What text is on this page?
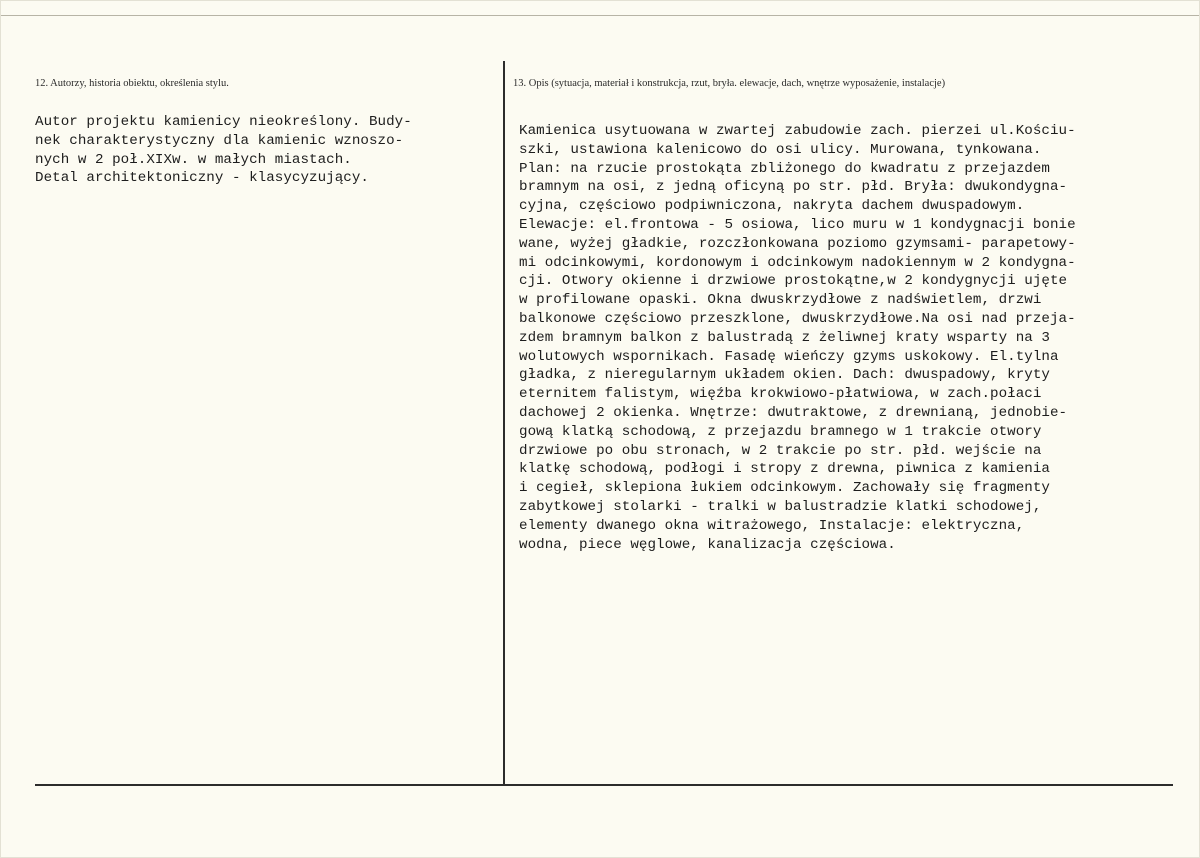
12. Autorzy, historia obiektu, określenia stylu.	13. Opis (sytuacja, materiał i konstrukcja, rzut, bryła. elewacje, dach, wnętrze wyposażenie, instalacje)
Autor projektu kamienicy nieokreślony. Budy-
nek charakterystyczny dla kamienic wznoszo-
nych w 2 poł.XIXw. w małych miastach.
Detal architektoniczny - klasycyzujący.
Kamienica usytuowana w zwartej zabudowie zach. pierzei ul.Kościu-
szki, ustawiona kalenicowo do osi ulicy. Murowana, tynkowana.
Plan: na rzucie prostokąta zbliżonego do kwadratu z przejazdem
bramnym na osi, z jedną oficyną po str. płd. Bryła: dwukondygna-
cyjna, częściowo podpiwniczona, nakryta dachem dwuspadowym.
Elewacje: el.frontowa - 5 osiowa, lico muru w 1 kondygnacji bonie
wane, wyżej gładkie, rozczłonkowana poziomo gzymsami- parapetowy-
mi odcinkowymi, kordonowym i odcinkowym nadokiennym w 2 kondygna-
cji. Otwory okienne i drzwiowe prostokątne,w 2 kondygnycji ujęte
w profilowane opaski. Okna dwuskrzydłowe z nadświetlem, drzwi
balkonowe częściowo przeszklone, dwuskrzydłowe.Na osi nad przeja-
zdem bramnym balkon z balustradą z żeliwnej kraty wsparty na 3
wolutowych wspornikach. Fasadę wieńczy gzyms uskokowy. El.tylna
gładka, z nieregularnym układem okien. Dach: dwuspadowy, kryty
eternitem falistym, więźba krokwiowo-płatwiowa, w zach.połaci
dachowej 2 okienka. Wnętrze: dwutraktowe, z drewnianą, jednobie-
gową klatką schodową, z przejazdu bramnego w 1 trakcie otwory
drzwiowe po obu stronach, w 2 trakcie po str. płd. wejście na
klatkę schodową, podłogi i stropy z drewna, piwnica z kamienia
i cegieł, sklepiona łukiem odcinkowym. Zachowały się fragmenty
zabytkowej stolarki - tralki w balustradzie klatki schodowej,
elementy dwanego okna witrażowego, Instalacje: elektryczna,
wodna, piece węglowe, kanalizacja częściowa.
